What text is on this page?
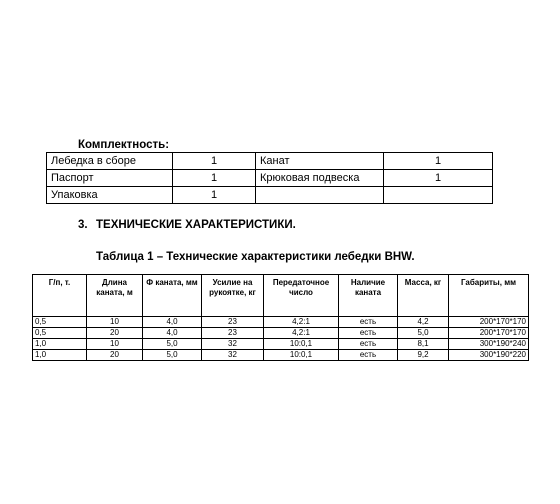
Комплектность:
Лебедка в сборе	1	Канат	1
Паспорт	1	Крюковая подвеска	1
Упаковка	1		
3. ТЕХНИЧЕСКИЕ ХАРАКТЕРИСТИКИ.
Таблица 1 – Технические характеристики лебедки BHW.
Г/п, т.	Длина каната, м	Ф каната, мм	Усилие на рукоятке, кг	Передаточное число	Наличие каната	Масса, кг	Габариты, мм
0,5	10	4,0	23	4,2:1	есть	4,2	200*170*170
0,5	20	4,0	23	4,2:1	есть	5,0	200*170*170
1,0	10	5,0	32	10:0,1	есть	8,1	300*190*240
1,0	20	5,0	32	10:0,1	есть	9,2	300*190*220
